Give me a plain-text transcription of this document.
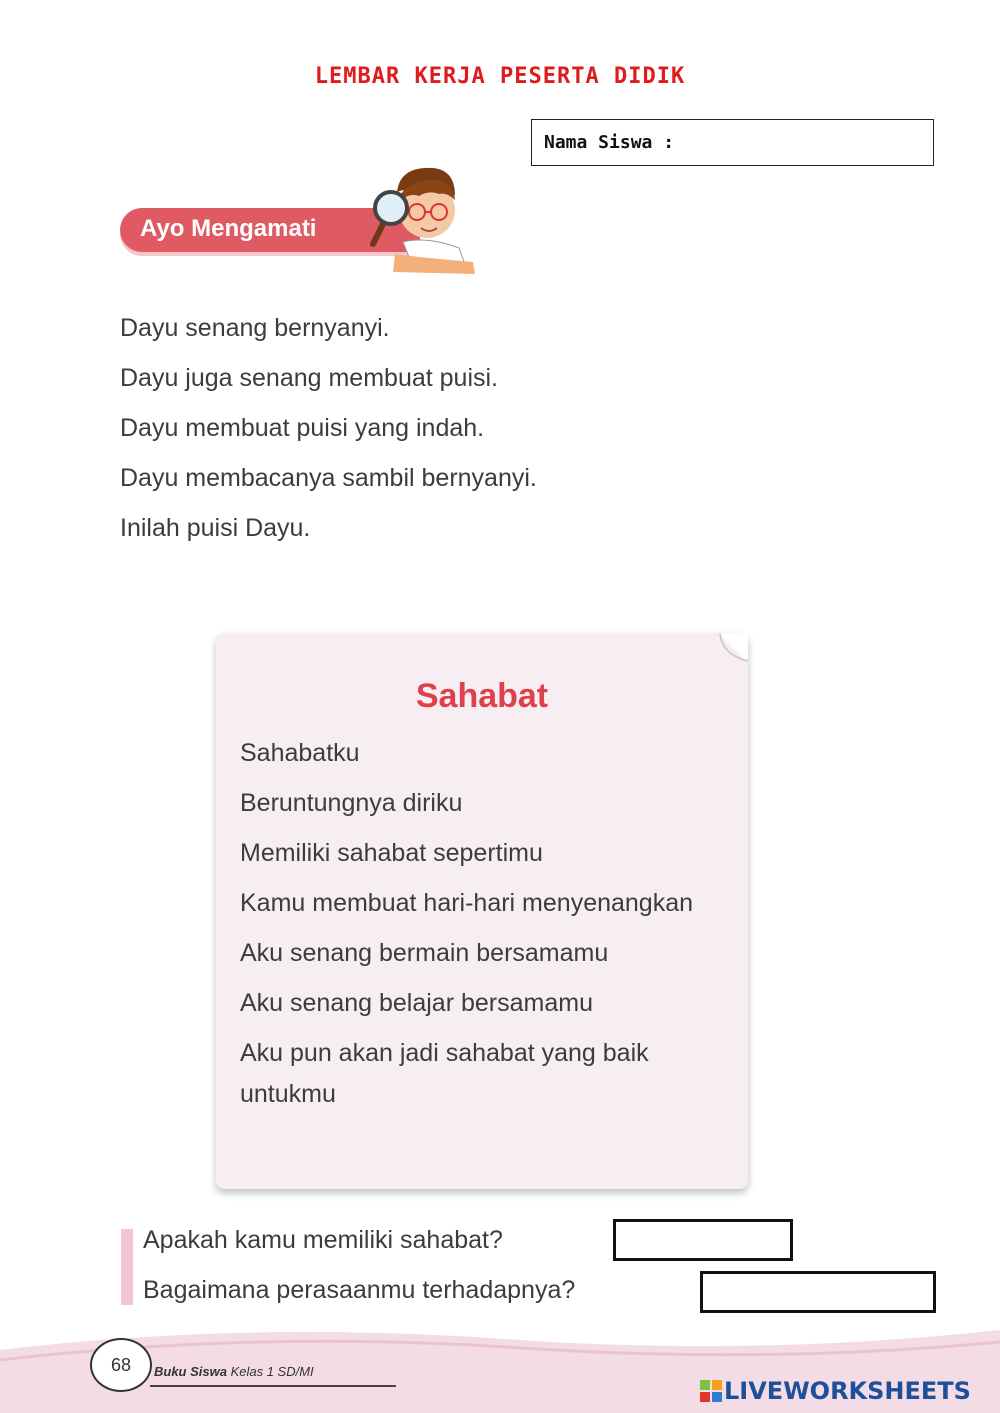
LEMBAR KERJA PESERTA DIDIK
Nama Siswa :
Ayo Mengamati
Dayu senang bernyanyi.
Dayu juga senang membuat puisi.
Dayu membuat puisi yang indah.
Dayu membacanya sambil bernyanyi.
Inilah puisi Dayu.
Sahabat
Sahabatku
Beruntungnya diriku
Memiliki sahabat sepertimu
Kamu membuat hari-hari menyenangkan
Aku senang bermain bersamamu
Aku senang belajar bersamamu
Aku pun akan jadi sahabat yang baik untukmu
Apakah kamu memiliki sahabat?
Bagaimana perasaanmu terhadapnya?
68	Buku Siswa Kelas 1 SD/MI
LIVEWORKSHEETS
